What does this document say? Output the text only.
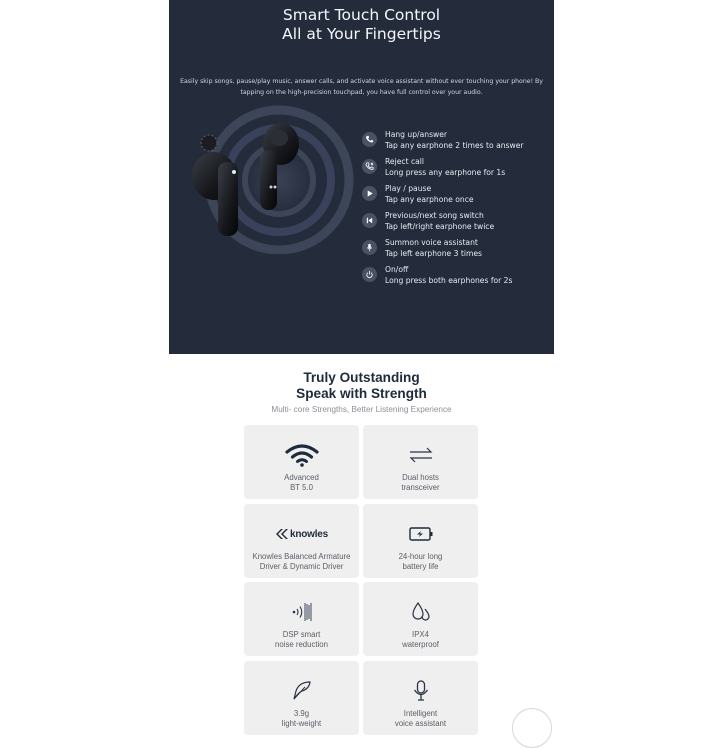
Smart Touch Control
All at Your Fingertips
Easily skip songs, pause/play music, answer calls, and activate voice assistant without ever touching your phone! By
tapping on the high-precision touchpad, you have full control over your audio.
Hang up/answer
Tap any earphone 2 times to answer
Reject call
Long press any earphone for 1s
Play / pause
Tap any earphone once
Previous/next song switch
Tap left/right earphone twice
Summon voice assistant
Tap left earphone 3 times
On/off
Long press both earphones for 2s
Truly Outstanding
Speak with Strength
Multi- core Strengths, Better Listening Experience
Advanced
BT 5.0
Dual hosts
transceiver
knowles
Knowles Balanced Armature
Driver & Dynamic Driver
24-hour long
battery life
DSP smart
noise reduction
IPX4
waterproof
3.9g
light-weight
Intelligent
voice assistant
